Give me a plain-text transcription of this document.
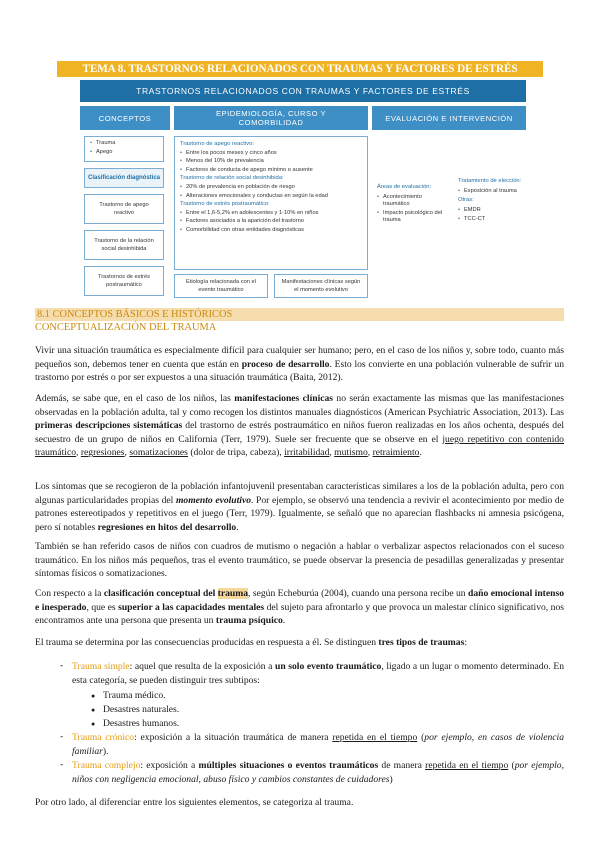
TEMA 8. TRASTORNOS RELACIONADOS CON TRAUMAS Y FACTORES DE ESTRÉS
TRASTORNOS RELACIONADOS CON TRAUMAS Y FACTORES DE ESTRÉS
CONCEPTOS	EPIDEMIOLOGÍA, CURSO Y COMORBILIDAD	EVALUACIÓN E INTERVENCIÓN
• Trauma
• Apego
Clasificación diagnóstica
Trastorno de apego reactivo
Trastorno de la relación social desinhibida
Trastornos de estrés postraumático
Trastorno de apego reactivo:
• Entre los pocos meses y cinco años
• Menos del 10% de prevalencia
• Factores de conducta de apego mínimo o ausente
Trastorno de relación social desinhibida:
• 20% de prevalencia en población de riesgo
• Alteraciones emocionales y conductas en según la edad
Trastorno de estrés postraumático:
• Entre el 1,6-5,2% en adolescentes y 1-10% en niños
• Factores asociados a la aparición del trastorno
• Comorbilidad con otras entidades diagnósticas
Etiología relacionada con el evento traumático
Manifestaciones clínicas según el momento evolutivo
Áreas de evaluación:
• Acontecimiento traumático
• Impacto psicológico del trauma
Tratamiento de elección:
• Exposición al trauma
Otras:
• EMDR
• TCC-CT
8.1 CONCEPTOS BÁSICOS E HISTÓRICOS
CONCEPTUALIZACIÓN DEL TRAUMA
Vivir una situación traumática es especialmente difícil para cualquier ser humano; pero, en el caso de los niños y, sobre todo, cuanto más pequeños son, debemos tener en cuenta que están en proceso de desarrollo. Esto los convierte en una población vulnerable de sufrir un trastorno por estrés o por ser expuestos a una situación traumática (Baita, 2012).
Además, se sabe que, en el caso de los niños, las manifestaciones clínicas no serán exactamente las mismas que las manifestaciones observadas en la población adulta, tal y como recogen los distintos manuales diagnósticos (American Psychiatric Association, 2013). Las primeras descripciones sistemáticas del trastorno de estrés postraumático en niños fueron realizadas en los años ochenta, después del secuestro de un grupo de niños en California (Terr, 1979). Suele ser frecuente que se observe en el juego repetitivo con contenido traumático, regresiones, somatizaciones (dolor de tripa, cabeza), irritabilidad, mutismo, retraimiento.
Los síntomas que se recogieron de la población infantojuvenil presentaban características similares a los de la población adulta, pero con algunas particularidades propias del momento evolutivo. Por ejemplo, se observó una tendencia a revivir el acontecimiento por medio de patrones estereotipados y repetitivos en el juego (Terr, 1979). Igualmente, se señaló que no aparecían flashbacks ni amnesia psicógena, pero sí notables regresiones en hitos del desarrollo.
También se han referido casos de niños con cuadros de mutismo o negación a hablar o verbalizar aspectos relacionados con el suceso traumático. En los niños más pequeños, tras el evento traumático, se puede observar la presencia de pesadillas generalizadas y presentar síntomas físicos o somatizaciones.
Con respecto a la clasificación conceptual del trauma, según Echeburúa (2004), cuando una persona recibe un daño emocional intenso e inesperado, que es superior a las capacidades mentales del sujeto para afrontarlo y que provoca un malestar clínico significativo, nos encontramos ante una persona que presenta un trauma psíquico.
El trauma se determina por las consecuencias producidas en respuesta a él. Se distinguen tres tipos de traumas:
- Trauma simple: aquel que resulta de la exposición a un solo evento traumático, ligado a un lugar o momento determinado. En esta categoría, se pueden distinguir tres subtipos:
● Trauma médico.
● Desastres naturales.
● Desastres humanos.
- Trauma crónico: exposición a la situación traumática de manera repetida en el tiempo (por ejemplo, en casos de violencia familiar).
- Trauma complejo: exposición a múltiples situaciones o eventos traumáticos de manera repetida en el tiempo (por ejemplo, niños con negligencia emocional, abuso físico y cambios constantes de cuidadores)
Por otro lado, al diferenciar entre los siguientes elementos, se categoriza al trauma.
